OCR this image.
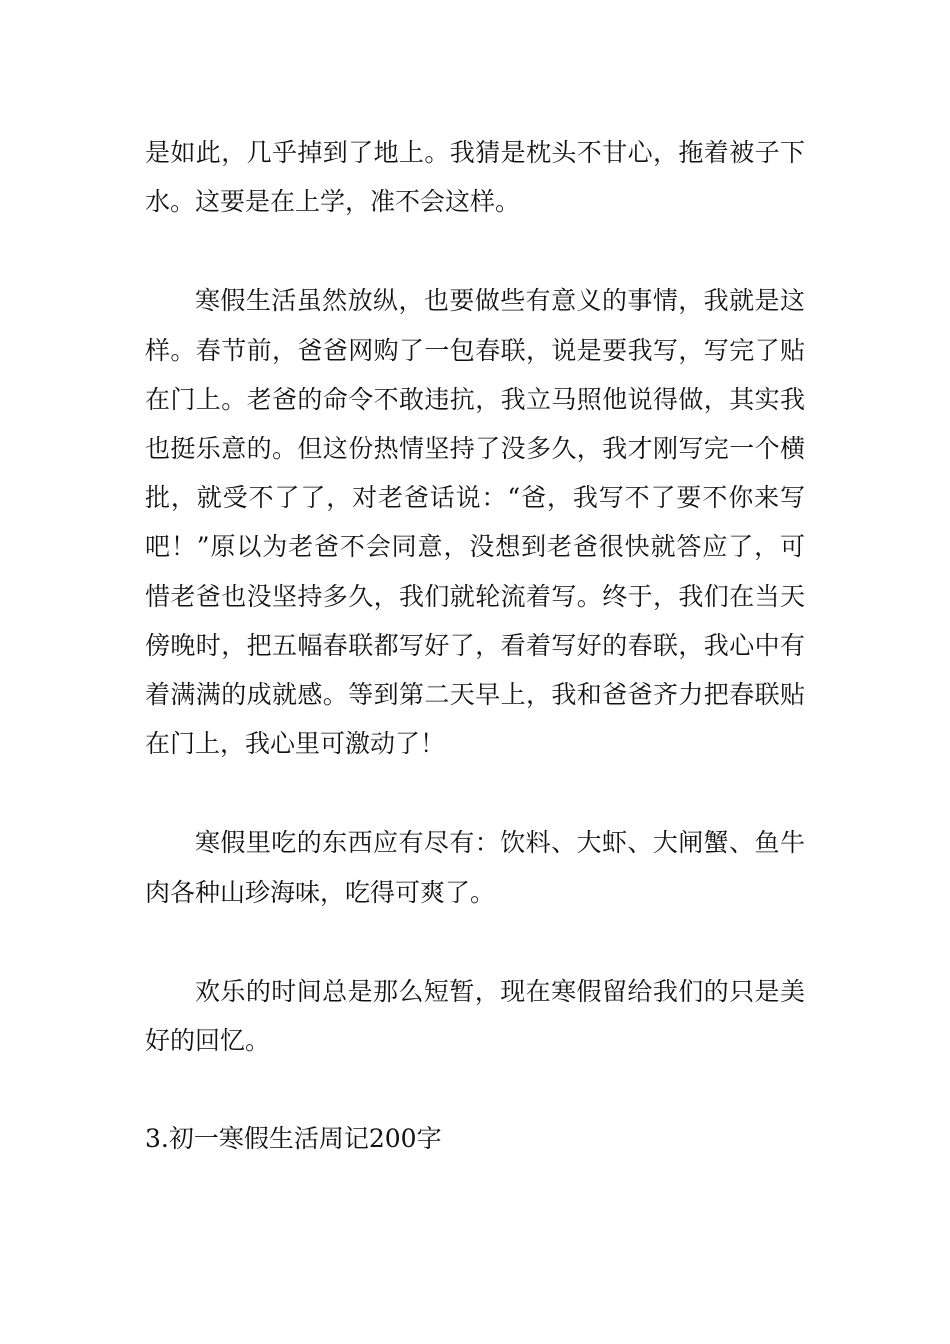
是如此，几乎掉到了地上。我猜是枕头不甘心，拖着被子下水。这要是在上学，准不会这样。

寒假生活虽然放纵，也要做些有意义的事情，我就是这样。春节前，爸爸网购了一包春联，说是要我写，写完了贴在门上。老爸的命令不敢违抗，我立马照他说得做，其实我也挺乐意的。但这份热情坚持了没多久，我才刚写完一个横批，就受不了了，对老爸话说：“爸，我写不了要不你来写吧！”原以为老爸不会同意，没想到老爸很快就答应了，可惜老爸也没坚持多久，我们就轮流着写。终于，我们在当天傍晚时，把五幅春联都写好了，看着写好的春联，我心中有着满满的成就感。等到第二天早上，我和爸爸齐力把春联贴在门上，我心里可激动了！

寒假里吃的东西应有尽有：饮料、大虾、大闸蟹、鱼牛肉各种山珍海味，吃得可爽了。

欢乐的时间总是那么短暂，现在寒假留给我们的只是美好的回忆。

3.初一寒假生活周记200字
